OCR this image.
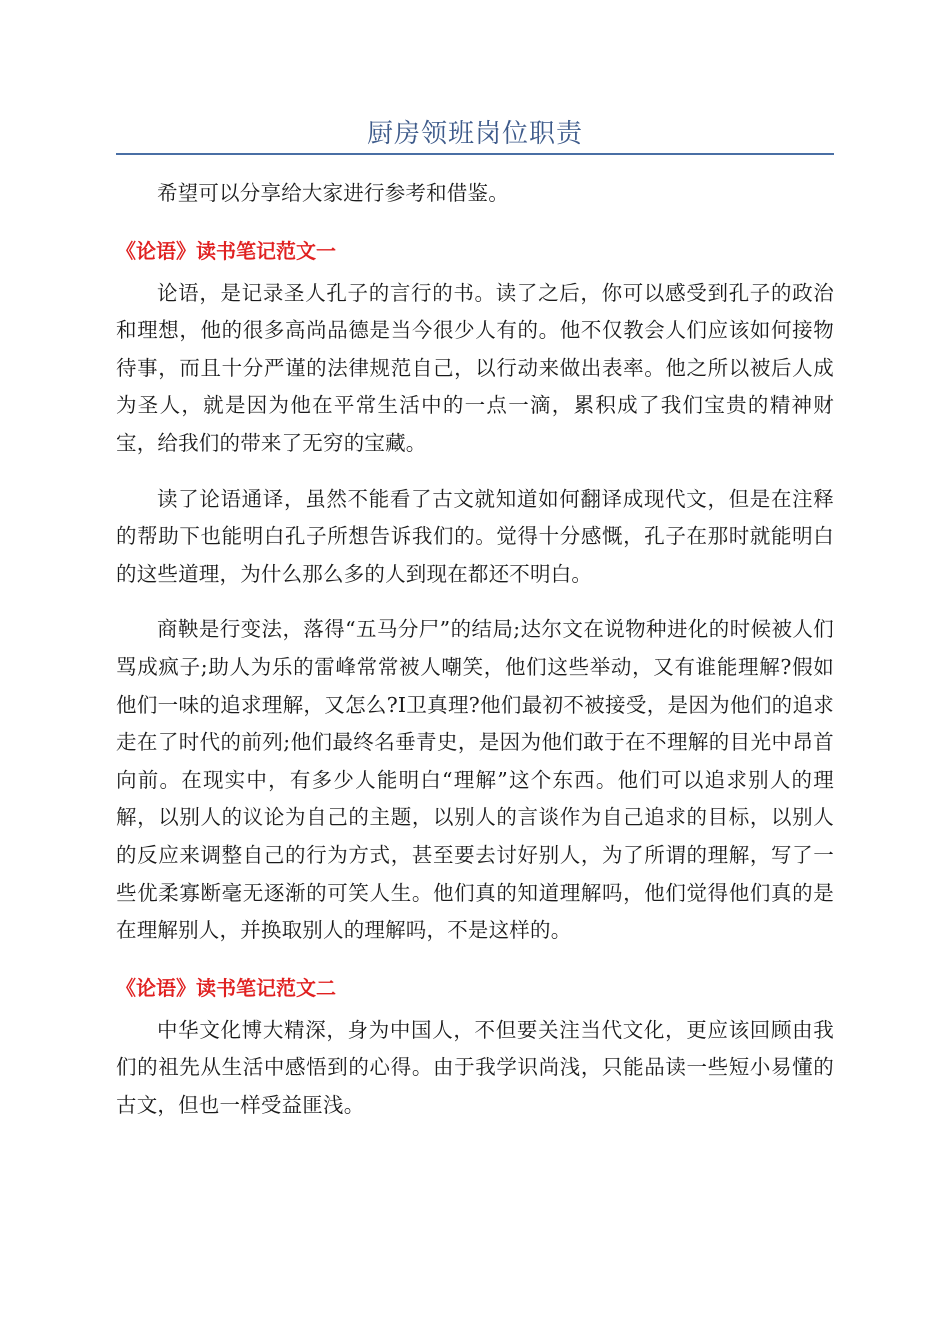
厨房领班岗位职责

希望可以分享给大家进行参考和借鉴。

《论语》读书笔记范文一

论语，是记录圣人孔子的言行的书。读了之后，你可以感受到孔子的政治和理想，他的很多高尚品德是当今很少人有的。他不仅教会人们应该如何接物待事，而且十分严谨的法律规范自己，以行动来做出表率。他之所以被后人成为圣人，就是因为他在平常生活中的一点一滴，累积成了我们宝贵的精神财宝，给我们的带来了无穷的宝藏。

读了论语通译，虽然不能看了古文就知道如何翻译成现代文，但是在注释的帮助下也能明白孔子所想告诉我们的。觉得十分感慨，孔子在那时就能明白的这些道理，为什么那么多的人到现在都还不明白。

商鞅是行变法，落得“五马分尸”的结局;达尔文在说物种进化的时候被人们骂成疯子;助人为乐的雷峰常常被人嘲笑，他们这些举动，又有谁能理解?假如他们一味的追求理解，又怎么?I卫真理?他们最初不被接受，是因为他们的追求走在了时代的前列;他们最终名垂青史，是因为他们敢于在不理解的目光中昂首向前。在现实中，有多少人能明白“理解”这个东西。他们可以追求别人的理解，以别人的议论为自己的主题，以别人的言谈作为自己追求的目标，以别人的反应来调整自己的行为方式，甚至要去讨好别人，为了所谓的理解，写了一些优柔寡断毫无逐渐的可笑人生。他们真的知道理解吗，他们觉得他们真的是在理解别人，并换取别人的理解吗，不是这样的。

《论语》读书笔记范文二

中华文化博大精深，身为中国人，不但要关注当代文化，更应该回顾由我们的祖先从生活中感悟到的心得。由于我学识尚浅，只能品读一些短小易懂的古文，但也一样受益匪浅。
